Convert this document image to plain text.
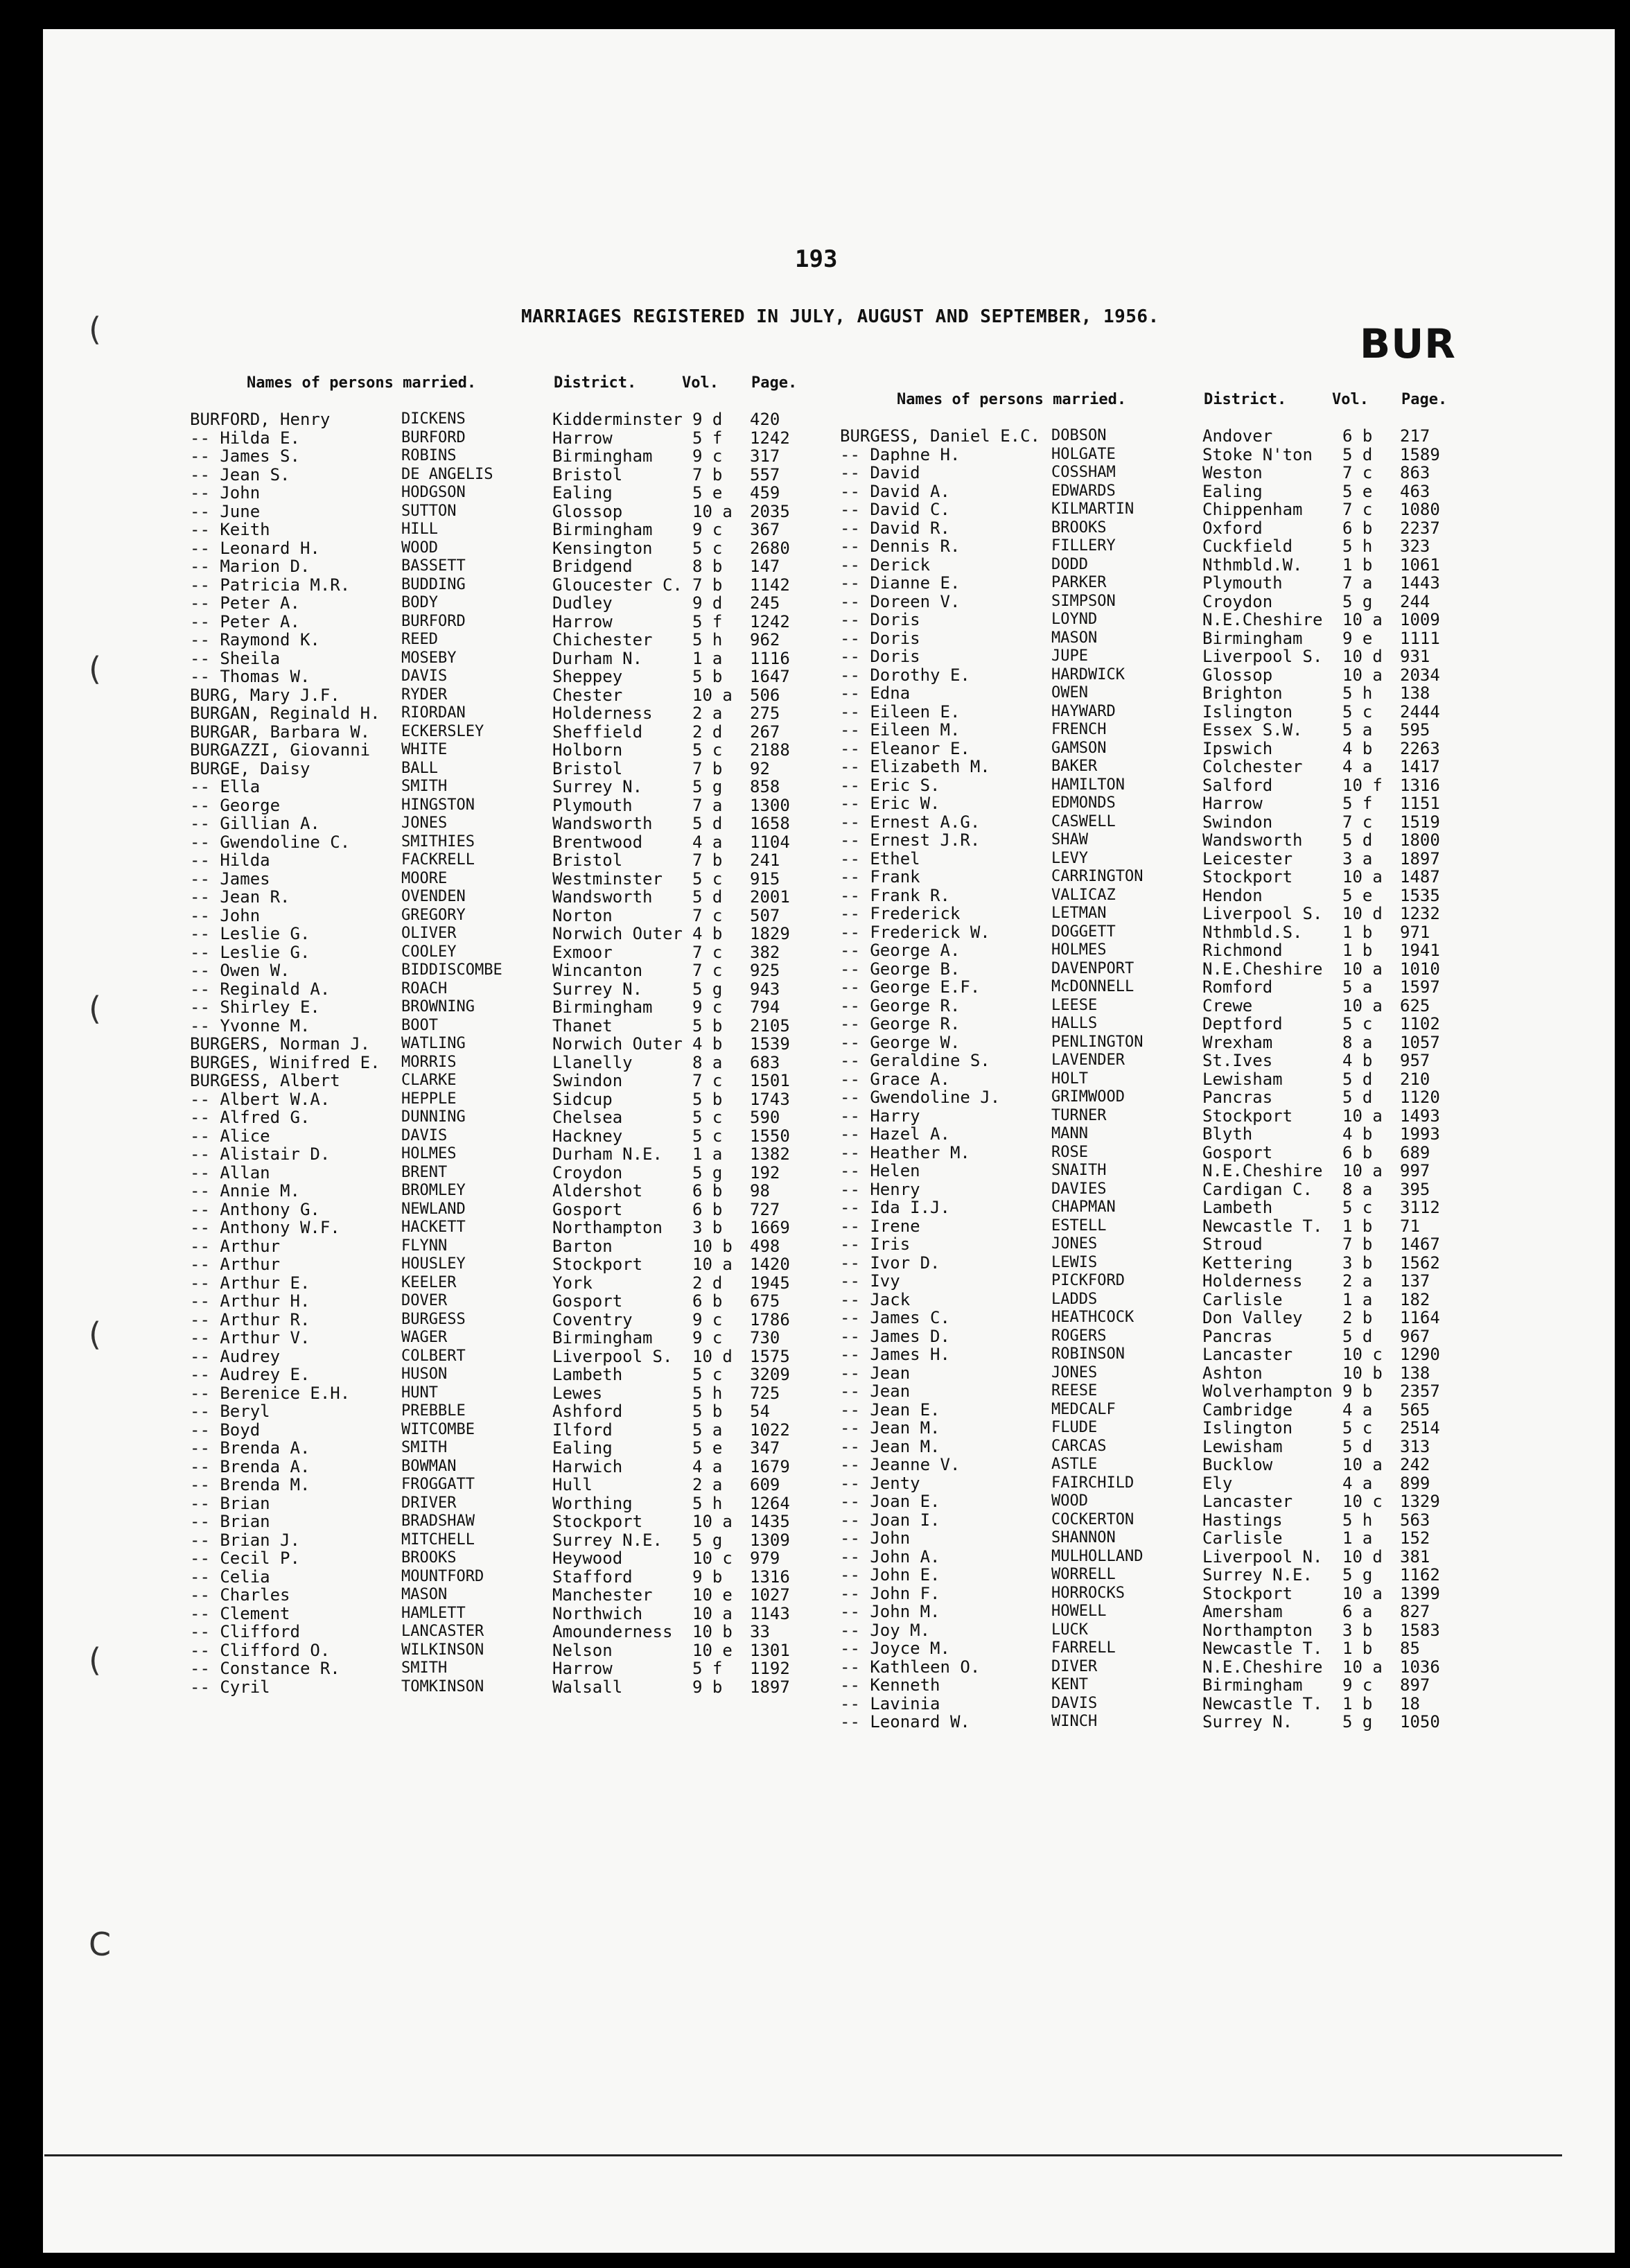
(
(
(
(
(
C
193
MARRIAGES REGISTERED IN JULY, AUGUST AND SEPTEMBER, 1956.
BUR
Names of persons married.	District.	Vol. Page.
BURFORD, Henry	DICKENS	Kidderminster 9 d 420
-- Hilda E.	BURFORD	Harrow	5 f 1242
-- James S.	ROBINS	Birmingham 9 c 317
-- Jean S.	DE ANGELIS	Bristol	7 b 557
-- John	HODGSON	Ealing	5 e 459
-- June	SUTTON	Glossop	10 a 2035
-- Keith	HILL	Birmingham 9 c 367
-- Leonard H.	WOOD	Kensington 5 c 2680
-- Marion D.	BASSETT	Bridgend	8 b 147
-- Patricia M.R.	BUDDING	Gloucester C. 7 b 1142
-- Peter A.	BODY	Dudley	9 d 245
-- Peter A.	BURFORD	Harrow	5 f 1242
-- Raymond K.	REED	Chichester 5 h 962
-- Sheila	MOSEBY	Durham N.	1 a 1116
-- Thomas W.	DAVIS	Sheppey	5 b 1647
BURG, Mary J.F.	RYDER	Chester	10 a 506
BURGAN, Reginald H. RIORDAN	Holderness 2 a 275
BURGAR, Barbara W. ECKERSLEY	Sheffield	2 d 267
BURGAZZI, Giovanni WHITE	Holborn	5 c 2188
BURGE, Daisy	BALL	Bristol	7 b 92
-- Ella	SMITH	Surrey N.	5 g 858
-- George	HINGSTON	Plymouth	7 a 1300
-- Gillian A.	JONES	Wandsworth 5 d 1658
-- Gwendoline C.	SMITHIES	Brentwood	4 a 1104
-- Hilda	FACKRELL	Bristol	7 b 241
-- James	MOORE	Westminster 5 c 915
-- Jean R.	OVENDEN	Wandsworth 5 d 2001
-- John	GREGORY	Norton	7 c 507
-- Leslie G.	OLIVER	Norwich Outer 4 b 1829
-- Leslie G.	COOLEY	Exmoor	7 c 382
-- Owen W.	BIDDISCOMBE	Wincanton	7 c 925
-- Reginald A.	ROACH	Surrey N.	5 g 943
-- Shirley E.	BROWNING	Birmingham 9 c 794
-- Yvonne M.	BOOT	Thanet	5 b 2105
BURGERS, Norman J. WATLING	Norwich Outer 4 b 1539
BURGES, Winifred E. MORRIS	Llanelly	8 a 683
BURGESS, Albert	CLARKE	Swindon	7 c 1501
-- Albert W.A.	HEPPLE	Sidcup	5 b 1743
-- Alfred G.	DUNNING	Chelsea	5 c 590
-- Alice	DAVIS	Hackney	5 c 1550
-- Alistair D.	HOLMES	Durham N.E. 1 a 1382
-- Allan	BRENT	Croydon	5 g 192
-- Annie M.	BROMLEY	Aldershot	6 b 98
-- Anthony G.	NEWLAND	Gosport	6 b 727
-- Anthony W.F.	HACKETT	Northampton 3 b 1669
-- Arthur	FLYNN	Barton	10 b 498
-- Arthur	HOUSLEY	Stockport	10 a 1420
-- Arthur E.	KEELER	York	2 d 1945
-- Arthur H.	DOVER	Gosport	6 b 675
-- Arthur R.	BURGESS	Coventry	9 c 1786
-- Arthur V.	WAGER	Birmingham 9 c 730
-- Audrey	COLBERT	Liverpool S. 10 d 1575
-- Audrey E.	HUSON	Lambeth	5 c 3209
-- Berenice E.H.	HUNT	Lewes	5 h 725
-- Beryl	PREBBLE	Ashford	5 b 54
-- Boyd	WITCOMBE	Ilford	5 a 1022
-- Brenda A.	SMITH	Ealing	5 e 347
-- Brenda A.	BOWMAN	Harwich	4 a 1679
-- Brenda M.	FROGGATT	Hull	2 a 609
-- Brian	DRIVER	Worthing	5 h 1264
-- Brian	BRADSHAW	Stockport	10 a 1435
-- Brian J.	MITCHELL	Surrey N.E. 5 g 1309
-- Cecil P.	BROOKS	Heywood	10 c 979
-- Celia	MOUNTFORD	Stafford	9 b 1316
-- Charles	MASON	Manchester 10 e 1027
-- Clement	HAMLETT	Northwich	10 a 1143
-- Clifford	LANCASTER	Amounderness 10 b 33
-- Clifford O.	WILKINSON	Nelson	10 e 1301
-- Constance R.	SMITH	Harrow	5 f 1192
-- Cyril	TOMKINSON	Walsall	9 b 1897
Names of persons married.	District.	Vol. Page.
BURGESS, Daniel E.C. DOBSON	Andover	6 b 217
-- Daphne H.	HOLGATE	Stoke N'ton 5 d 1589
-- David	COSSHAM	Weston	7 c 863
-- David A.	EDWARDS	Ealing	5 e 463
-- David C.	KILMARTIN	Chippenham 7 c 1080
-- David R.	BROOKS	Oxford	6 b 2237
-- Dennis R.	FILLERY	Cuckfield	5 h 323
-- Derick	DODD	Nthmbld.W. 1 b 1061
-- Dianne E.	PARKER	Plymouth	7 a 1443
-- Doreen V.	SIMPSON	Croydon	5 g 244
-- Doris	LOYND	N.E.Cheshire 10 a 1009
-- Doris	MASON	Birmingham 9 e 1111
-- Doris	JUPE	Liverpool S. 10 d 931
-- Dorothy E.	HARDWICK	Glossop	10 a 2034
-- Edna	OWEN	Brighton	5 h 138
-- Eileen E.	HAYWARD	Islington	5 c 2444
-- Eileen M.	FRENCH	Essex S.W. 5 a 595
-- Eleanor E.	GAMSON	Ipswich	4 b 2263
-- Elizabeth M.	BAKER	Colchester 4 a 1417
-- Eric S.	HAMILTON	Salford	10 f 1316
-- Eric W.	EDMONDS	Harrow	5 f 1151
-- Ernest A.G.	CASWELL	Swindon	7 c 1519
-- Ernest J.R.	SHAW	Wandsworth 5 d 1800
-- Ethel	LEVY	Leicester	3 a 1897
-- Frank	CARRINGTON	Stockport	10 a 1487
-- Frank R.	VALICAZ	Hendon	5 e 1535
-- Frederick	LETMAN	Liverpool S. 10 d 1232
-- Frederick W.	DOGGETT	Nthmbld.S. 1 b 971
-- George A.	HOLMES	Richmond	1 b 1941
-- George B.	DAVENPORT	N.E.Cheshire 10 a 1010
-- George E.F.	McDONNELL	Romford	5 a 1597
-- George R.	LEESE	Crewe	10 a 625
-- George R.	HALLS	Deptford	5 c 1102
-- George W.	PENLINGTON	Wrexham	8 a 1057
-- Geraldine S.	LAVENDER	St.Ives	4 b 957
-- Grace A.	HOLT	Lewisham	5 d 210
-- Gwendoline J.	GRIMWOOD	Pancras	5 d 1120
-- Harry	TURNER	Stockport	10 a 1493
-- Hazel A.	MANN	Blyth	4 b 1993
-- Heather M.	ROSE	Gosport	6 b 689
-- Helen	SNAITH	N.E.Cheshire 10 a 997
-- Henry	DAVIES	Cardigan C. 8 a 395
-- Ida I.J.	CHAPMAN	Lambeth	5 c 3112
-- Irene	ESTELL	Newcastle T. 1 b 71
-- Iris	JONES	Stroud	7 b 1467
-- Ivor D.	LEWIS	Kettering	3 b 1562
-- Ivy	PICKFORD	Holderness 2 a 137
-- Jack	LADDS	Carlisle	1 a 182
-- James C.	HEATHCOCK	Don Valley 2 b 1164
-- James D.	ROGERS	Pancras	5 d 967
-- James H.	ROBINSON	Lancaster	10 c 1290
-- Jean	JONES	Ashton	10 b 138
-- Jean	REESE	Wolverhampton 9 b 2357
-- Jean E.	MEDCALF	Cambridge	4 a 565
-- Jean M.	FLUDE	Islington	5 c 2514
-- Jean M.	CARCAS	Lewisham	5 d 313
-- Jeanne V.	ASTLE	Bucklow	10 a 242
-- Jenty	FAIRCHILD	Ely	4 a 899
-- Joan E.	WOOD	Lancaster	10 c 1329
-- Joan I.	COCKERTON	Hastings	5 h 563
-- John	SHANNON	Carlisle	1 a 152
-- John A.	MULHOLLAND	Liverpool N. 10 d 381
-- John E.	WORRELL	Surrey N.E. 5 g 1162
-- John F.	HORROCKS	Stockport	10 a 1399
-- John M.	HOWELL	Amersham	6 a 827
-- Joy M.	LUCK	Northampton 3 b 1583
-- Joyce M.	FARRELL	Newcastle T. 1 b 85
-- Kathleen O.	DIVER	N.E.Cheshire 10 a 1036
-- Kenneth	KENT	Birmingham 9 c 897
-- Lavinia	DAVIS	Newcastle T. 1 b 18
-- Leonard W.	WINCH	Surrey N.	5 g 1050
